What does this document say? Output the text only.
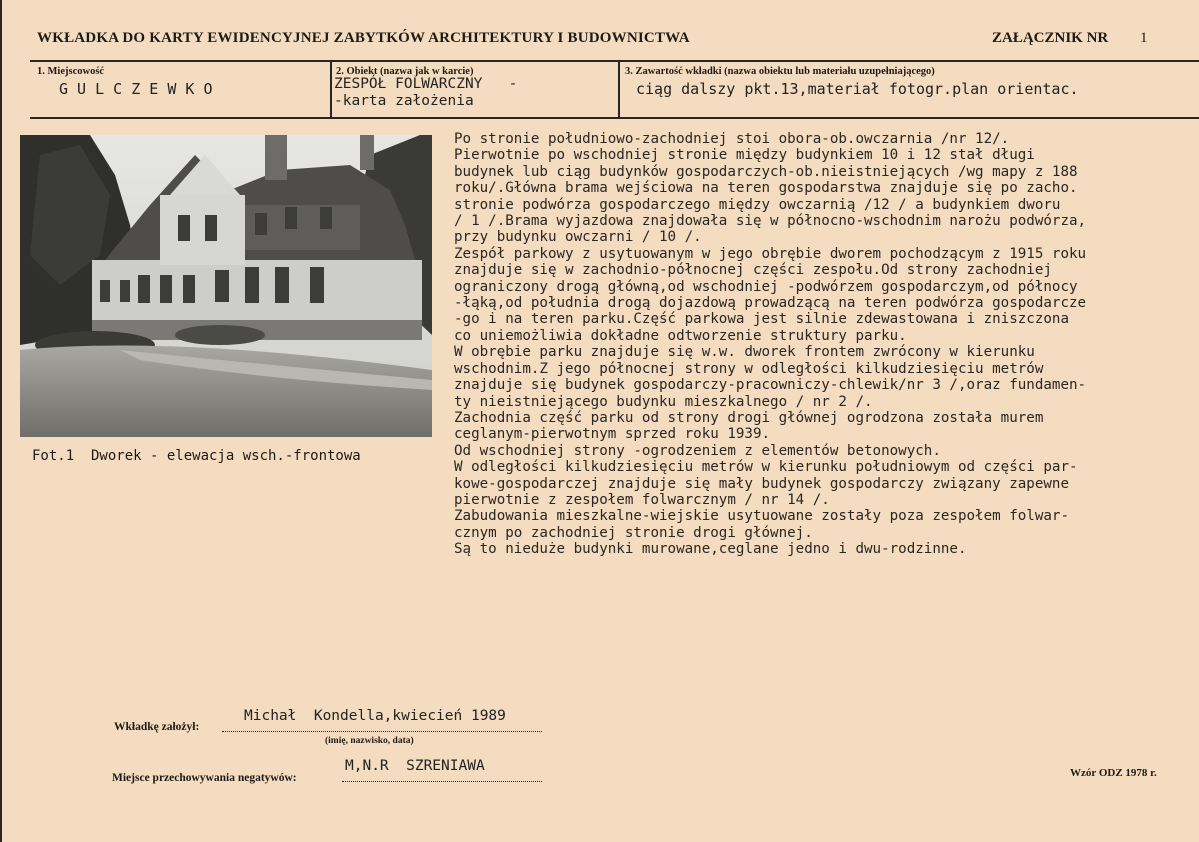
WKŁADKA DO KARTY EWIDENCYJNEJ ZABYTKÓW ARCHITEKTURY I BUDOWNICTWA	ZAŁĄCZNIK NR 1
1. Miejscowość
G U L C Z E W K O
2. Obiekt (nazwa jak w karcie)
ZESPÓŁ FOLWARCZNY   -
-karta założenia
3. Zawartość wkładki (nazwa obiektu lub materiału uzupełniającego)
ciąg dalszy pkt.13,materiał fotogr.plan orientac.
Fot.1  Dworek - elewacja wsch.-frontowa
Po stronie południowo-zachodniej stoi obora-ob.owczarnia /nr 12/.
Pierwotnie po wschodniej stronie między budynkiem 10 i 12 stał długi
budynek lub ciąg budynków gospodarczych-ob.nieistniejących /wg mapy z 188
roku/.Główna brama wejściowa na teren gospodarstwa znajduje się po zacho.
stronie podwórza gospodarczego między owczarnią /12 / a budynkiem dworu
/ 1 /.Brama wyjazdowa znajdowała się w północno-wschodnim narożu podwórza,
przy budynku owczarni / 10 /.
Zespół parkowy z usytuowanym w jego obrębie dworem pochodzącym z 1915 roku
znajduje się w zachodnio-północnej części zespołu.Od strony zachodniej
ograniczony drogą główną,od wschodniej -podwórzem gospodarczym,od północy
-łąką,od południa drogą dojazdową prowadzącą na teren podwórza gospodarcze
-go i na teren parku.Część parkowa jest silnie zdewastowana i zniszczona
co uniemożliwia dokładne odtworzenie struktury parku.
W obrębie parku znajduje się w.w. dworek frontem zwrócony w kierunku
wschodnim.Z jego północnej strony w odległości kilkudziesięciu metrów
znajduje się budynek gospodarczy-pracowniczy-chlewik/nr 3 /,oraz fundamen-
ty nieistniejącego budynku mieszkalnego / nr 2 /.
Zachodnia część parku od strony drogi głównej ogrodzona została murem
ceglanym-pierwotnym sprzed roku 1939.
Od wschodniej strony -ogrodzeniem z elementów betonowych.
W odległości kilkudziesięciu metrów w kierunku południowym od części par-
kowe-gospodarczej znajduje się mały budynek gospodarczy związany zapewne
pierwotnie z zespołem folwarcznym / nr 14 /.
Zabudowania mieszkalne-wiejskie usytuowane zostały poza zespołem folwar-
cznym po zachodniej stronie drogi głównej.
Są to nieduże budynki murowane,ceglane jedno i dwu-rodzinne.
Wkładkę założył:
Michał  Kondella,kwiecień 1989
(imię, nazwisko, data)
Miejsce przechowywania negatywów:
M,N.R  SZRENIAWA	Wzór ODZ 1978 r.
